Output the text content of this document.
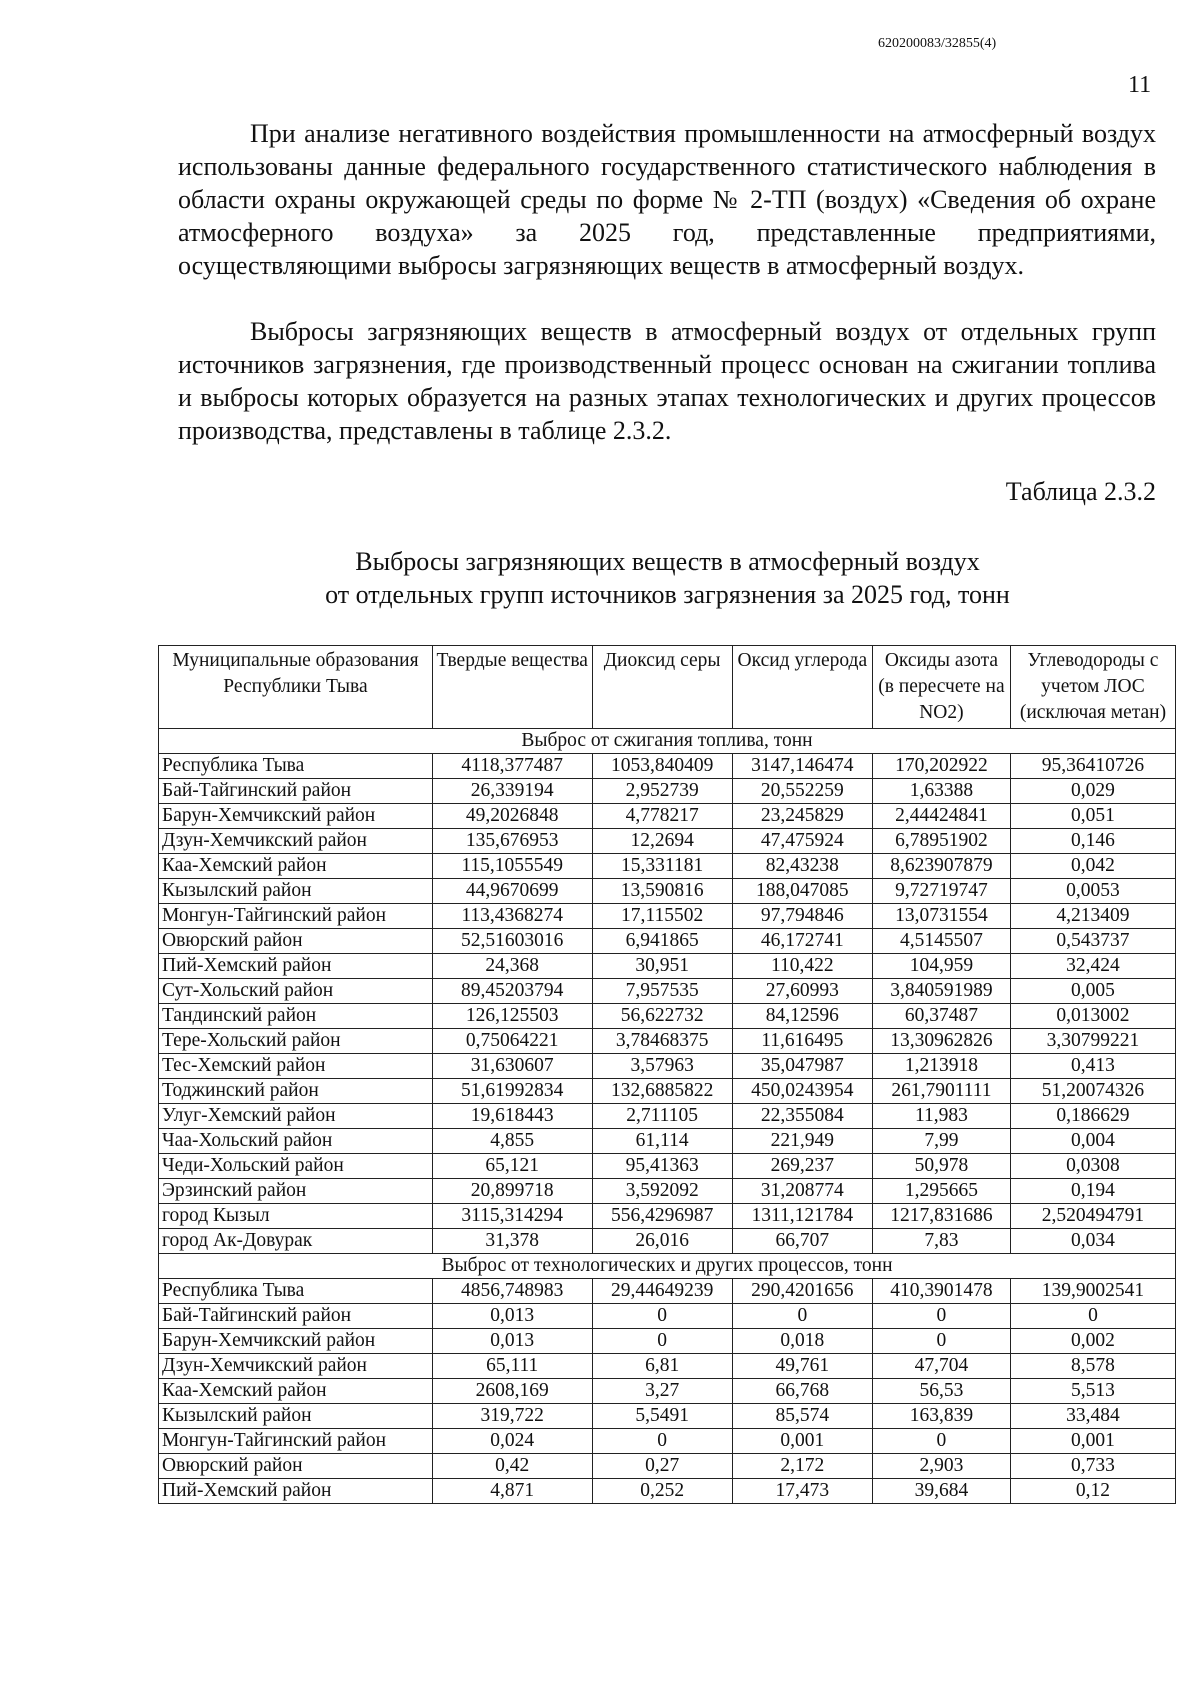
620200083/32855(4)
11

При анализе негативного воздействия промышленности на атмосферный воздух использованы данные федерального государственного статистического наблюдения в области охраны окружающей среды по форме № 2-ТП (воздух) «Сведения об охране атмосферного воздуха» за 2025 год, представленные предприятиями, осуществляющими выбросы загрязняющих веществ в атмосферный воздух.

Выбросы загрязняющих веществ в атмосферный воздух от отдельных групп источников загрязнения, где производственный процесс основан на сжигании топлива и выбросы которых образуется на разных этапах технологических и других процессов производства, представлены в таблице 2.3.2.

Таблица 2.3.2
Выбросы загрязняющих веществ в атмосферный воздух
от отдельных групп источников загрязнения за 2025 год, тонн
Муниципальные образования Республики Тыва	Твердые вещества	Диоксид серы	Оксид углерода	Оксиды азота (в пересчете на NO2)	Углеводороды с учетом ЛОС (исключая метан)
Выброс от сжигания топлива, тонн					
Республика Тыва	4118,377487	1053,840409	3147,146474	170,202922	95,36410726
Бай-Тайгинский район	26,339194	2,952739	20,552259	1,63388	0,029
Барун-Хемчикский район	49,2026848	4,778217	23,245829	2,44424841	0,051
Дзун-Хемчикский район	135,676953	12,2694	47,475924	6,78951902	0,146
Каа-Хемский район	115,1055549	15,331181	82,43238	8,623907879	0,042
Кызылский район	44,9670699	13,590816	188,047085	9,72719747	0,0053
Монгун-Тайгинский район	113,4368274	17,115502	97,794846	13,0731554	4,213409
Овюрский район	52,51603016	6,941865	46,172741	4,5145507	0,543737
Пий-Хемский район	24,368	30,951	110,422	104,959	32,424
Сут-Хольский район	89,45203794	7,957535	27,60993	3,840591989	0,005
Тандинский район	126,125503	56,622732	84,12596	60,37487	0,013002
Тере-Хольский район	0,75064221	3,78468375	11,616495	13,30962826	3,30799221
Тес-Хемский район	31,630607	3,57963	35,047987	1,213918	0,413
Тоджинский район	51,61992834	132,6885822	450,0243954	261,7901111	51,20074326
Улуг-Хемский район	19,618443	2,711105	22,355084	11,983	0,186629
Чаа-Хольский район	4,855	61,114	221,949	7,99	0,004
Чеди-Хольский район	65,121	95,41363	269,237	50,978	0,0308
Эрзинский район	20,899718	3,592092	31,208774	1,295665	0,194
город Кызыл	3115,314294	556,4296987	1311,121784	1217,831686	2,520494791
город Ак-Довурак	31,378	26,016	66,707	7,83	0,034
Выброс от технологических и других процессов, тонн					
Республика Тыва	4856,748983	29,44649239	290,4201656	410,3901478	139,9002541
Бай-Тайгинский район	0,013	0	0	0	0
Барун-Хемчикский район	0,013	0	0,018	0	0,002
Дзун-Хемчикский район	65,111	6,81	49,761	47,704	8,578
Каа-Хемский район	2608,169	3,27	66,768	56,53	5,513
Кызылский район	319,722	5,5491	85,574	163,839	33,484
Монгун-Тайгинский район	0,024	0	0,001	0	0,001
Овюрский район	0,42	0,27	2,172	2,903	0,733
Пий-Хемский район	4,871	0,252	17,473	39,684	0,12
